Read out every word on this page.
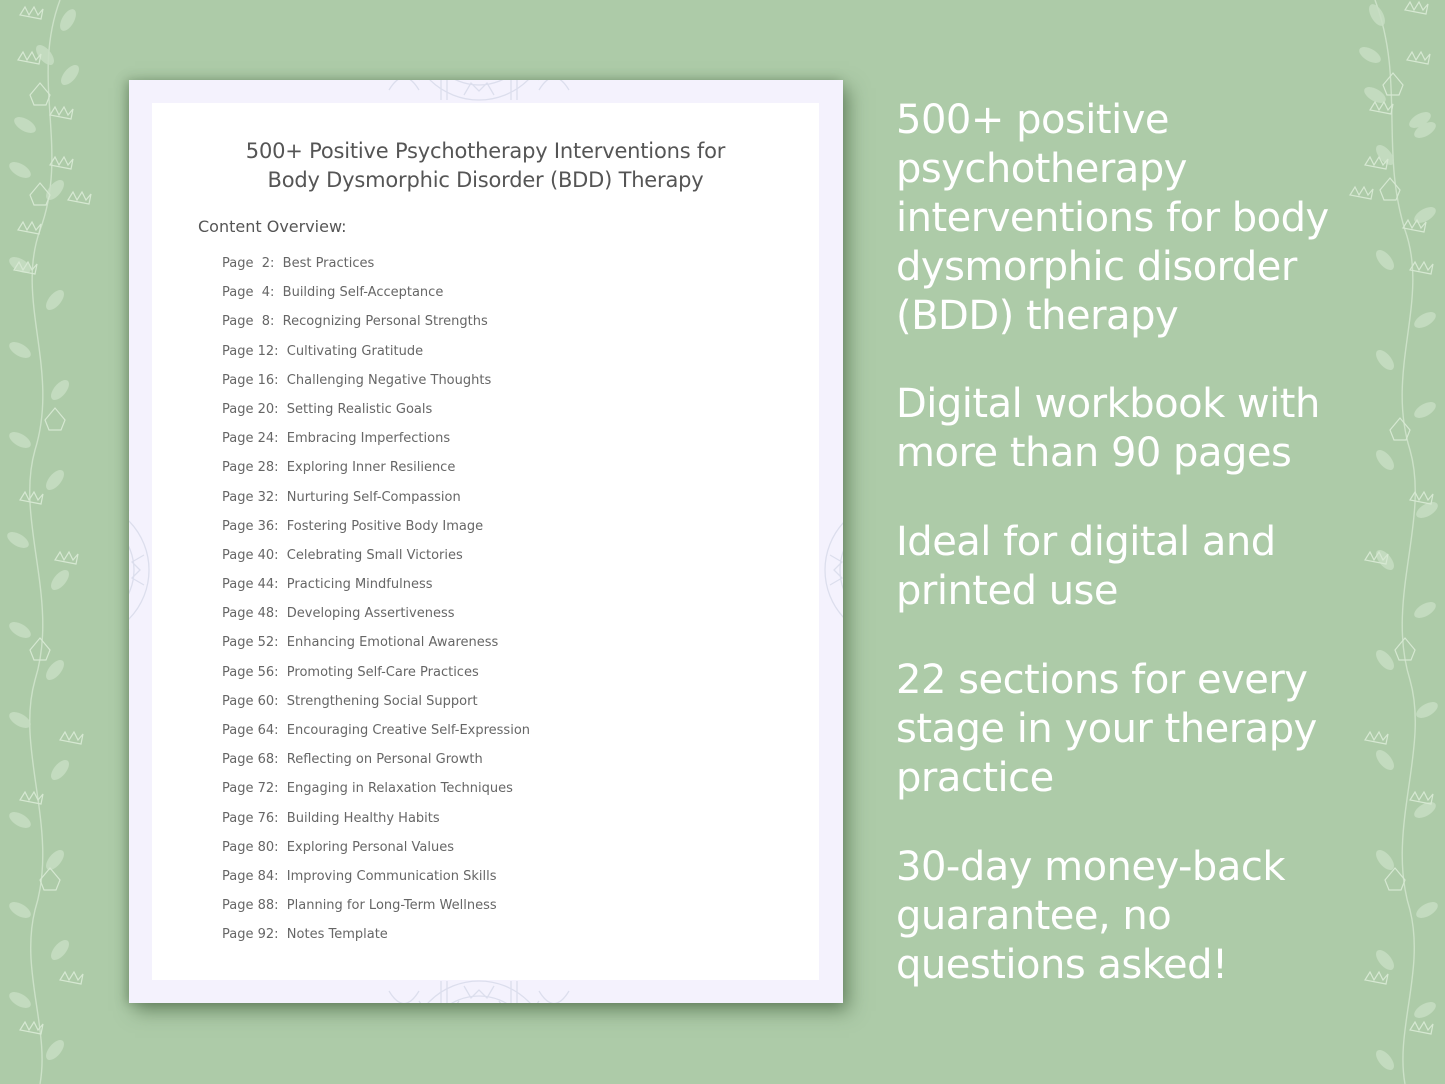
500+ Positive Psychotherapy Interventions for
Body Dysmorphic Disorder (BDD) Therapy
Content Overview:
Page  2: Best Practices
Page  4: Building Self-Acceptance
Page  8: Recognizing Personal Strengths
Page 12: Cultivating Gratitude
Page 16: Challenging Negative Thoughts
Page 20: Setting Realistic Goals
Page 24: Embracing Imperfections
Page 28: Exploring Inner Resilience
Page 32: Nurturing Self-Compassion
Page 36: Fostering Positive Body Image
Page 40: Celebrating Small Victories
Page 44: Practicing Mindfulness
Page 48: Developing Assertiveness
Page 52: Enhancing Emotional Awareness
Page 56: Promoting Self-Care Practices
Page 60: Strengthening Social Support
Page 64: Encouraging Creative Self-Expression
Page 68: Reflecting on Personal Growth
Page 72: Engaging in Relaxation Techniques
Page 76: Building Healthy Habits
Page 80: Exploring Personal Values
Page 84: Improving Communication Skills
Page 88: Planning for Long-Term Wellness
Page 92: Notes Template
500+ positive
psychotherapy
interventions for body
dysmorphic disorder
(BDD) therapy
Digital workbook with
more than 90 pages
Ideal for digital and
printed use
22 sections for every
stage in your therapy
practice
30-day money-back
guarantee, no
questions asked!
